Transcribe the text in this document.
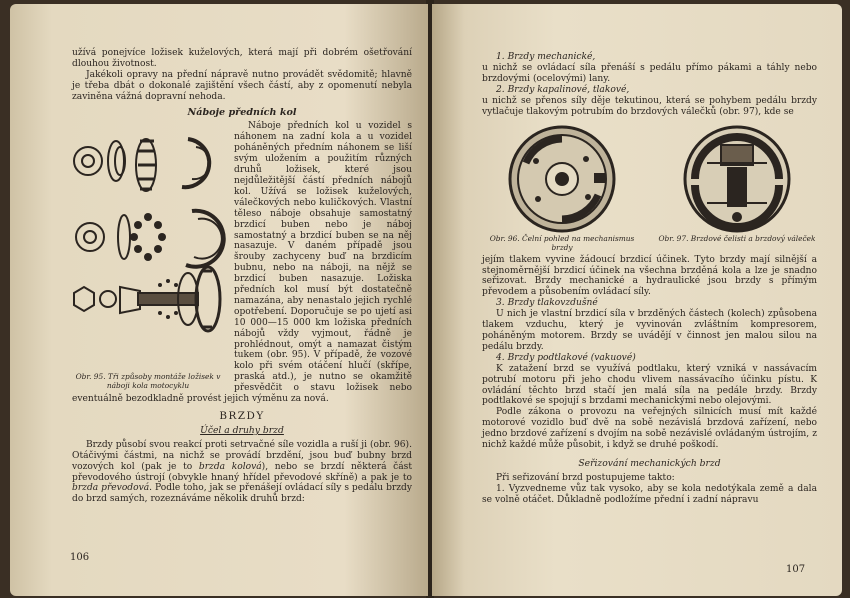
užívá ponejvíce ložisek kuželových, která mají při dobrém ošetřování dlouhou životnost.

Jakékoli opravy na přední nápravě nutno provádět svědomitě; hlavně je třeba dbát o dokonalé zajištění všech částí, aby z opomenutí nebyla zaviněna vážná dopravní nehoda.

Náboje předních kol
Obr. 95. Tři způsoby montáže ložisek v náboji kola motocyklu

Náboje předních kol u vozidel s náhonem na zadní kola a u vozidel poháněných předním náhonem se liší svým uložením a použitím různých druhů ložisek, které jsou nejdůležitější částí předních nábojů kol. Užívá se ložisek kuželových, válečkových nebo kuličkových. Vlastní těleso náboje obsahuje samostatný brzdicí buben nebo je náboj samostatný a brzdicí buben se na něj nasazuje. V daném případě jsou šrouby zachyceny buď na brzdicím bubnu, nebo na náboji, na nějž se brzdicí buben nasazuje. Ložiska předních kol musí být dostatečně namazána, aby nenastalo jejich rychlé opotřebení. Doporučuje se po ujetí asi 10 000—15 000 km ložiska předních nábojů vždy vyjmout, řádně je prohlédnout, omýt a namazat čistým tukem (obr. 95). V případě, že vozové kolo při svém otáčení hlučí (skřípe, praská atd.), je nutno se okamžitě přesvědčit o stavu ložisek nebo eventuálně bezodkladně provést jejich výměnu za nová.

BRZDY
Účel a druhy brzd

Brzdy působí svou reakcí proti setrvačné síle vozidla a ruší ji (obr. 96). Otáčivými částmi, na nichž se provádí brzdění, jsou buď bubny brzd vozových kol (pak je to brzda kolová), nebo se brzdí některá část převodového ústrojí (obvykle hnaný hřídel převodové skříně) a pak je to brzda převodová. Podle toho, jak se přenášejí ovládací síly s pedálu brzdy do brzd samých, rozeznáváme několik druhů brzd:

106

1. Brzdy mechanické,

u nichž se ovládací síla přenáší s pedálu přímo pákami a táhly nebo brzdovými (ocelovými) lany.

2. Brzdy kapalinové, tlakové,

u nichž se přenos síly děje tekutinou, která se pohybem pedálu brzdy vytlačuje tlakovým potrubím do brzdových válečků (obr. 97), kde se

Obr. 96. Čelní pohled na mechanismus brzdy
Obr. 97. Brzdové čelisti a brzdový váleček

jejím tlakem vyvine žádoucí brzdicí účinek. Tyto brzdy mají silnější a stejnoměrnější brzdicí účinek na všechna brzděná kola a lze je snadno seřizovat. Brzdy mechanické a hydraulické jsou brzdy s přímým převodem a působením ovládací síly.

3. Brzdy tlakovzdušné

U nich je vlastní brzdicí síla v brzděných částech (kolech) způsobena tlakem vzduchu, který je vyvinován zvláštním kompresorem, poháněným motorem. Brzdy se uvádějí v činnost jen malou silou na pedálu brzdy.

4. Brzdy podtlakové (vakuové)

K zatažení brzd se využívá podtlaku, který vzniká v nassávacím potrubí motoru při jeho chodu vlivem nassávacího účinku pístu. K ovládání těchto brzd stačí jen malá síla na pedále brzdy. Brzdy podtlakové se spojují s brzdami mechanickými nebo olejovými.

Podle zákona o provozu na veřejných silnicích musí mít každé motorové vozidlo buď dvě na sobě nezávislá brzdová zařízení, nebo jedno brzdové zařízení s dvojím na sobě nezávislé ovládaným ústrojím, z nichž každé může působit, i když se druhé poškodí.

Seřizování mechanických brzd

Při seřizování brzd postupujeme takto:

1. Vyzvedneme vůz tak vysoko, aby se kola nedotýkala země a dala se volně otáčet. Důkladně podložíme přední i zadní nápravu

107
